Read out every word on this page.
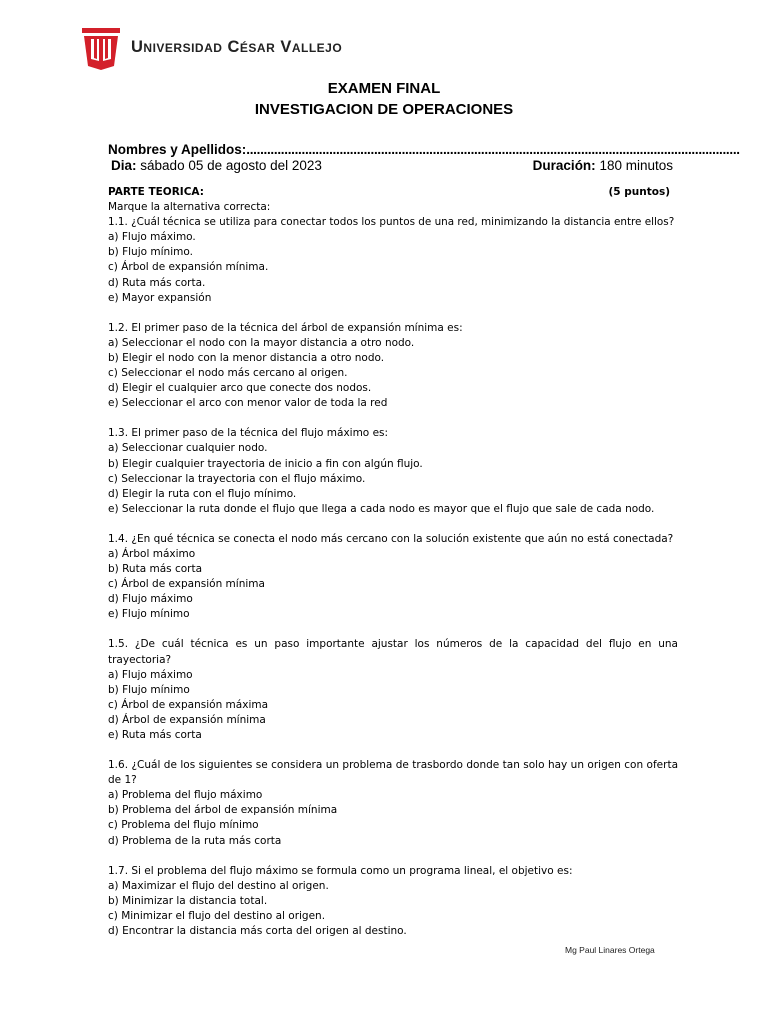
Universidad César Vallejo
EXAMEN FINAL
INVESTIGACION DE OPERACIONES
Nombres y Apellidos:...............................................................................................................................................
Dia: sábado 05 de agosto del 2023	Duración: 180 minutos
PARTE TEORICA:	(5 puntos)
Marque la alternativa correcta:
1.1. ¿Cuál técnica se utiliza para conectar todos los puntos de una red, minimizando la distancia entre ellos?
a) Flujo máximo.
b) Flujo mínimo.
c) Árbol de expansión mínima.
d) Ruta más corta.
e) Mayor expansión
1.2. El primer paso de la técnica del árbol de expansión mínima es:
a) Seleccionar el nodo con la mayor distancia a otro nodo.
b) Elegir el nodo con la menor distancia a otro nodo.
c) Seleccionar el nodo más cercano al origen.
d) Elegir el cualquier arco que conecte dos nodos.
e) Seleccionar el arco con menor valor de toda la red
1.3. El primer paso de la técnica del flujo máximo es:
a) Seleccionar cualquier nodo.
b) Elegir cualquier trayectoria de inicio a fin con algún flujo.
c) Seleccionar la trayectoria con el flujo máximo.
d) Elegir la ruta con el flujo mínimo.
e) Seleccionar la ruta donde el flujo que llega a cada nodo es mayor que el flujo que sale de cada nodo.
1.4. ¿En qué técnica se conecta el nodo más cercano con la solución existente que aún no está conectada?
a) Árbol máximo
b) Ruta más corta
c) Árbol de expansión mínima
d) Flujo máximo
e) Flujo mínimo
1.5. ¿De cuál técnica es un paso importante ajustar los números de la capacidad del flujo en una trayectoria?
a) Flujo máximo
b) Flujo mínimo
c) Árbol de expansión máxima
d) Árbol de expansión mínima
e) Ruta más corta
1.6. ¿Cuál de los siguientes se considera un problema de trasbordo donde tan solo hay un origen con oferta de 1?
a) Problema del flujo máximo
b) Problema del árbol de expansión mínima
c) Problema del flujo mínimo
d) Problema de la ruta más corta
1.7. Si el problema del flujo máximo se formula como un programa lineal, el objetivo es:
a) Maximizar el flujo del destino al origen.
b) Minimizar la distancia total.
c) Minimizar el flujo del destino al origen.
d) Encontrar la distancia más corta del origen al destino.
Mg Paul Linares Ortega
